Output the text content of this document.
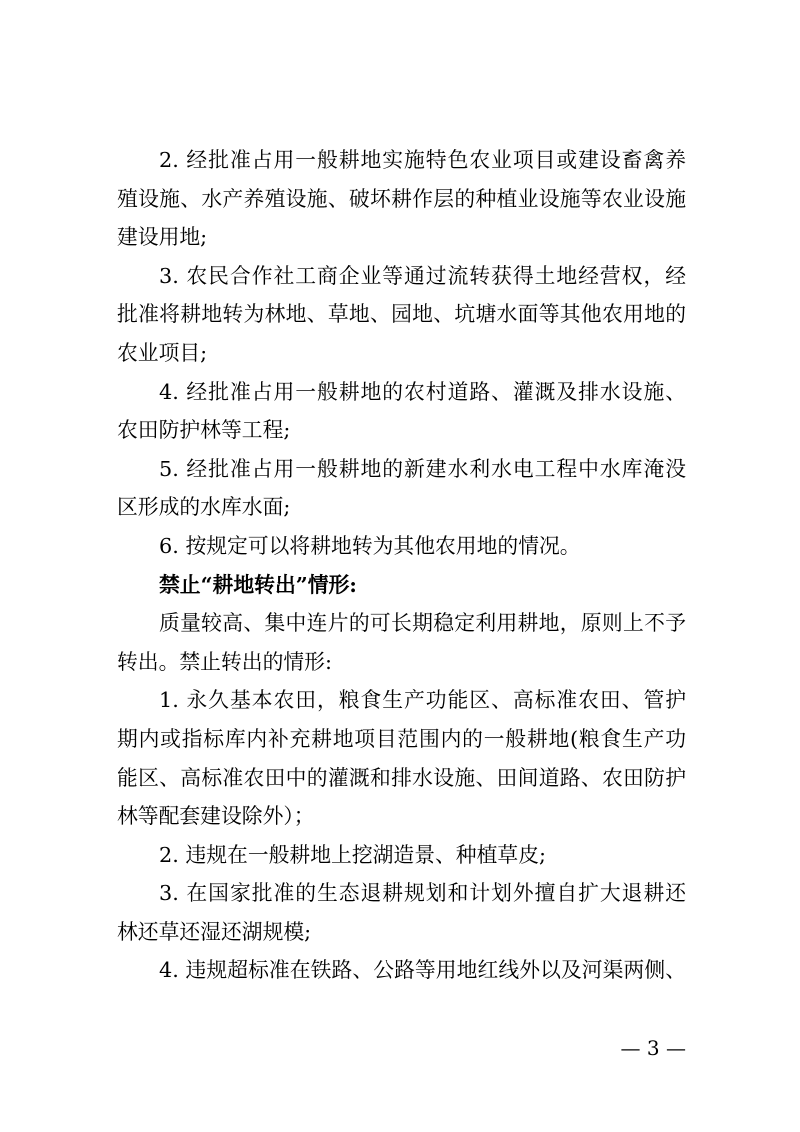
2. 经批准占用一般耕地实施特色农业项目或建设畜禽养
殖设施、水产养殖设施、破坏耕作层的种植业设施等农业设施
建设用地;
3. 农民合作社工商企业等通过流转获得土地经营权，经
批准将耕地转为林地、草地、园地、坑塘水面等其他农用地的
农业项目;
4. 经批准占用一般耕地的农村道路、灌溉及排水设施、
农田防护林等工程;
5. 经批准占用一般耕地的新建水利水电工程中水库淹没
区形成的水库水面;
6. 按规定可以将耕地转为其他农用地的情况。
禁止“耕地转出”情形:
质量较高、集中连片的可长期稳定利用耕地，原则上不予
转出。禁止转出的情形:
1. 永久基本农田，粮食生产功能区、高标准农田、管护
期内或指标库内补充耕地项目范围内的一般耕地(粮食生产功
能区、高标准农田中的灌溉和排水设施、田间道路、农田防护
林等配套建设除外）；
2. 违规在一般耕地上挖湖造景、种植草皮;
3. 在国家批准的生态退耕规划和计划外擅自扩大退耕还
林还草还湿还湖规模;
4. 违规超标准在铁路、公路等用地红线外以及河渠两侧、
— 3 —
